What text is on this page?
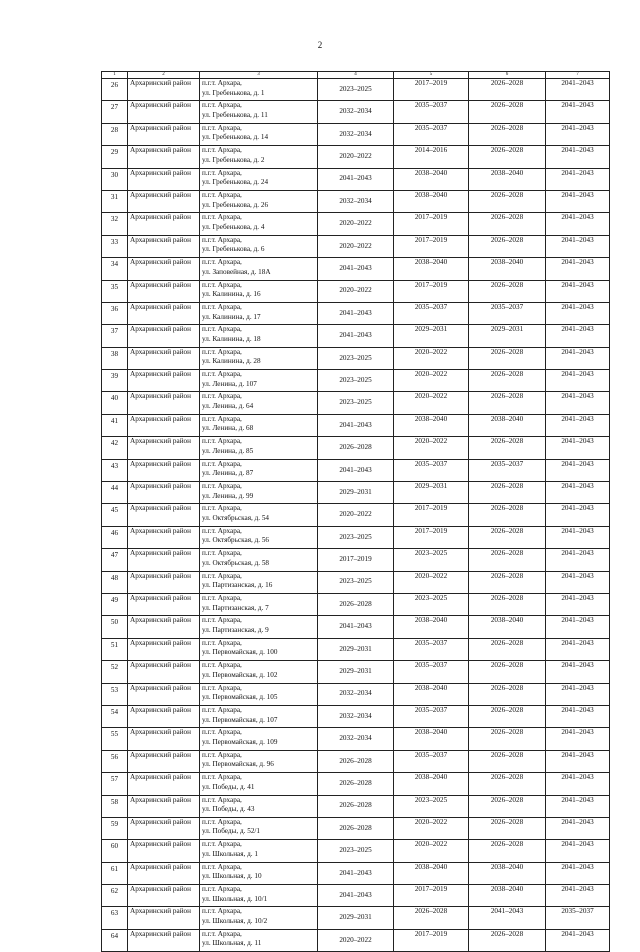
2
1	2	3	4	5	6	7
26	Архаринский район	п.г.т. Архара,
ул. Гребенькова, д. 1	2023–2025	2017–2019	2026–2028	2041–2043
27	Архаринский район	п.г.т. Архара,
ул. Гребенькова, д. 11	2032–2034	2035–2037	2026–2028	2041–2043
28	Архаринский район	п.г.т. Архара,
ул. Гребенькова, д. 14	2032–2034	2035–2037	2026–2028	2041–2043
29	Архаринский район	п.г.т. Архара,
ул. Гребенькова, д. 2	2020–2022	2014–2016	2026–2028	2041–2043
30	Архаринский район	п.г.т. Архара,
ул. Гребенькова, д. 24	2041–2043	2038–2040	2038–2040	2041–2043
31	Архаринский район	п.г.т. Архара,
ул. Гребенькова, д. 26	2032–2034	2038–2040	2026–2028	2041–2043
32	Архаринский район	п.г.т. Архара,
ул. Гребенькова, д. 4	2020–2022	2017–2019	2026–2028	2041–2043
33	Архаринский район	п.г.т. Архара,
ул. Гребенькова, д. 6	2020–2022	2017–2019	2026–2028	2041–2043
34	Архаринский район	п.г.т. Архара,
ул. Заповейная, д. 18А	2041–2043	2038–2040	2038–2040	2041–2043
35	Архаринский район	п.г.т. Архара,
ул. Калинина, д. 16	2020–2022	2017–2019	2026–2028	2041–2043
36	Архаринский район	п.г.т. Архара,
ул. Калинина, д. 17	2041–2043	2035–2037	2035–2037	2041–2043
37	Архаринский район	п.г.т. Архара,
ул. Калинина, д. 18	2041–2043	2029–2031	2029–2031	2041–2043
38	Архаринский район	п.г.т. Архара,
ул. Калинина, д. 28	2023–2025	2020–2022	2026–2028	2041–2043
39	Архаринский район	п.г.т. Архара,
ул. Ленина, д. 107	2023–2025	2020–2022	2026–2028	2041–2043
40	Архаринский район	п.г.т. Архара,
ул. Ленина, д. 64	2023–2025	2020–2022	2026–2028	2041–2043
41	Архаринский район	п.г.т. Архара,
ул. Ленина, д. 68	2041–2043	2038–2040	2038–2040	2041–2043
42	Архаринский район	п.г.т. Архара,
ул. Ленина, д. 85	2026–2028	2020–2022	2026–2028	2041–2043
43	Архаринский район	п.г.т. Архара,
ул. Ленина, д. 87	2041–2043	2035–2037	2035–2037	2041–2043
44	Архаринский район	п.г.т. Архара,
ул. Ленина, д. 99	2029–2031	2029–2031	2026–2028	2041–2043
45	Архаринский район	п.г.т. Архара,
ул. Октябрьская, д. 54	2020–2022	2017–2019	2026–2028	2041–2043
46	Архаринский район	п.г.т. Архара,
ул. Октябрьская, д. 56	2023–2025	2017–2019	2026–2028	2041–2043
47	Архаринский район	п.г.т. Архара,
ул. Октябрьская, д. 58	2017–2019	2023–2025	2026–2028	2041–2043
48	Архаринский район	п.г.т. Архара,
ул. Партизанская, д. 16	2023–2025	2020–2022	2026–2028	2041–2043
49	Архаринский район	п.г.т. Архара,
ул. Партизанская, д. 7	2026–2028	2023–2025	2026–2028	2041–2043
50	Архаринский район	п.г.т. Архара,
ул. Партизанская, д. 9	2041–2043	2038–2040	2038–2040	2041–2043
51	Архаринский район	п.г.т. Архара,
ул. Первомайская, д. 100	2029–2031	2035–2037	2026–2028	2041–2043
52	Архаринский район	п.г.т. Архара,
ул. Первомайская, д. 102	2029–2031	2035–2037	2026–2028	2041–2043
53	Архаринский район	п.г.т. Архара,
ул. Первомайская, д. 105	2032–2034	2038–2040	2026–2028	2041–2043
54	Архаринский район	п.г.т. Архара,
ул. Первомайская, д. 107	2032–2034	2035–2037	2026–2028	2041–2043
55	Архаринский район	п.г.т. Архара,
ул. Первомайская, д. 109	2032–2034	2038–2040	2026–2028	2041–2043
56	Архаринский район	п.г.т. Архара,
ул. Первомайская, д. 96	2026–2028	2035–2037	2026–2028	2041–2043
57	Архаринский район	п.г.т. Архара,
ул. Победы, д. 41	2026–2028	2038–2040	2026–2028	2041–2043
58	Архаринский район	п.г.т. Архара,
ул. Победы, д. 43	2026–2028	2023–2025	2026–2028	2041–2043
59	Архаринский район	п.г.т. Архара,
ул. Победы, д. 52/1	2026–2028	2020–2022	2026–2028	2041–2043
60	Архаринский район	п.г.т. Архара,
ул. Школьная, д. 1	2023–2025	2020–2022	2026–2028	2041–2043
61	Архаринский район	п.г.т. Архара,
ул. Школьная, д. 10	2041–2043	2038–2040	2038–2040	2041–2043
62	Архаринский район	п.г.т. Архара,
ул. Школьная, д. 10/1	2041–2043	2017–2019	2038–2040	2041–2043
63	Архаринский район	п.г.т. Архара,
ул. Школьная, д. 10/2	2029–2031	2026–2028	2041–2043	2035–2037
64	Архаринский район	п.г.т. Архара,
ул. Школьная, д. 11	2020–2022	2017–2019	2026–2028	2041–2043
